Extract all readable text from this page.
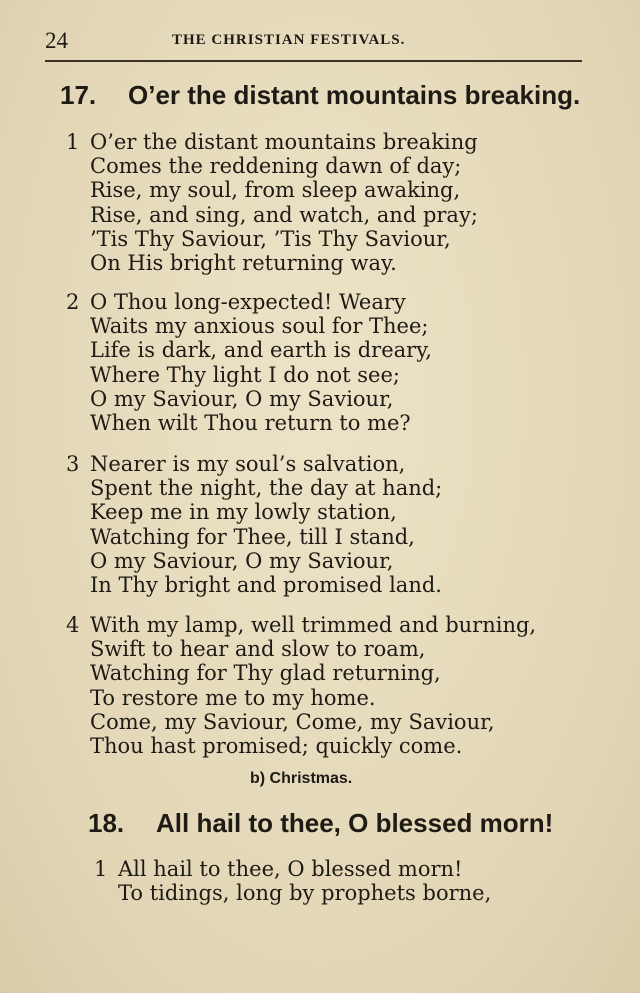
24	THE CHRISTIAN FESTIVALS.
17. O’er the distant mountains breaking.
1 O’er the distant mountains breaking
Comes the reddening dawn of day;
Rise, my soul, from sleep awaking,
Rise, and sing, and watch, and pray;
’Tis Thy Saviour, ’Tis Thy Saviour,
On His bright returning way.
2 O Thou long-expected! Weary
Waits my anxious soul for Thee;
Life is dark, and earth is dreary,
Where Thy light I do not see;
O my Saviour, O my Saviour,
When wilt Thou return to me?
3 Nearer is my soul’s salvation,
Spent the night, the day at hand;
Keep me in my lowly station,
Watching for Thee, till I stand,
O my Saviour, O my Saviour,
In Thy bright and promised land.
4 With my lamp, well trimmed and burning,
Swift to hear and slow to roam,
Watching for Thy glad returning,
To restore me to my home.
Come, my Saviour, Come, my Saviour,
Thou hast promised; quickly come.
b) Christmas.
18. All hail to thee, O blessed morn!
1 All hail to thee, O blessed morn!
To tidings, long by prophets borne,
